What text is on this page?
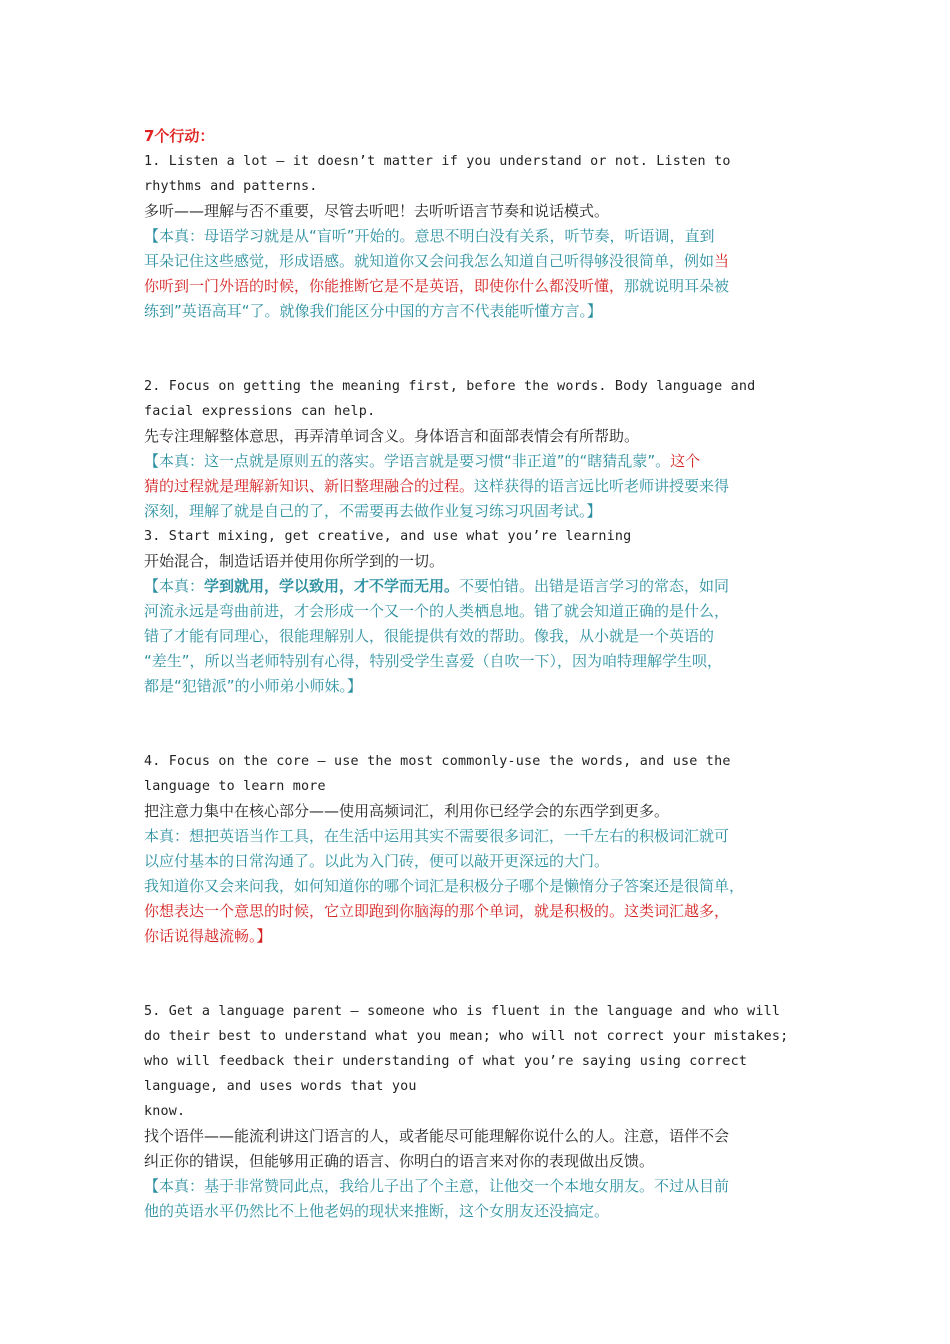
7个行动：
1. Listen a lot – it doesn’t matter if you understand or not. Listen to
rhythms and patterns.
多听——理解与否不重要，尽管去听吧！去听听语言节奏和说话模式。
【本真：母语学习就是从“盲听”开始的。意思不明白没有关系，听节奏，听语调，直到
耳朵记住这些感觉，形成语感。就知道你又会问我怎么知道自己听得够没很简单，例如当
你听到一门外语的时候，你能推断它是不是英语，即使你什么都没听懂，那就说明耳朵被
练到”英语高耳“了。就像我们能区分中国的方言不代表能听懂方言。】
2. Focus on getting the meaning first, before the words. Body language and
facial expressions can help.
先专注理解整体意思，再弄清单词含义。身体语言和面部表情会有所帮助。
【本真：这一点就是原则五的落实。学语言就是要习惯“非正道”的“瞎猜乱蒙”。这个
猜的过程就是理解新知识、新旧整理融合的过程。这样获得的语言远比听老师讲授要来得
深刻，理解了就是自己的了，不需要再去做作业复习练习巩固考试。】
3. Start mixing, get creative, and use what you’re learning
开始混合，制造话语并使用你所学到的一切。
【本真：学到就用，学以致用，才不学而无用。不要怕错。出错是语言学习的常态，如同
河流永远是弯曲前进，才会形成一个又一个的人类栖息地。错了就会知道正确的是什么，
错了才能有同理心，很能理解别人，很能提供有效的帮助。像我，从小就是一个英语的
“差生”，所以当老师特别有心得，特别受学生喜爱（自吹一下），因为咱特理解学生呗，
都是“犯错派”的小师弟小师妹。】
4. Focus on the core – use the most commonly-use the words, and use the
language to learn more
把注意力集中在核心部分——使用高频词汇，利用你已经学会的东西学到更多。
本真：想把英语当作工具，在生活中运用其实不需要很多词汇，一千左右的积极词汇就可
以应付基本的日常沟通了。以此为入门砖，便可以敲开更深远的大门。
我知道你又会来问我，如何知道你的哪个词汇是积极分子哪个是懒惰分子答案还是很简单，
你想表达一个意思的时候，它立即跑到你脑海的那个单词，就是积极的。这类词汇越多，
你话说得越流畅。】
5. Get a language parent – someone who is fluent in the language and who will
do their best to understand what you mean; who will not correct your mistakes;
who will feedback their understanding of what you’re saying using correct
language, and uses words that you
know.
找个语伴——能流利讲这门语言的人，或者能尽可能理解你说什么的人。注意，语伴不会
纠正你的错误，但能够用正确的语言、你明白的语言来对你的表现做出反馈。
【本真：基于非常赞同此点，我给儿子出了个主意，让他交一个本地女朋友。不过从目前
他的英语水平仍然比不上他老妈的现状来推断，这个女朋友还没搞定。
